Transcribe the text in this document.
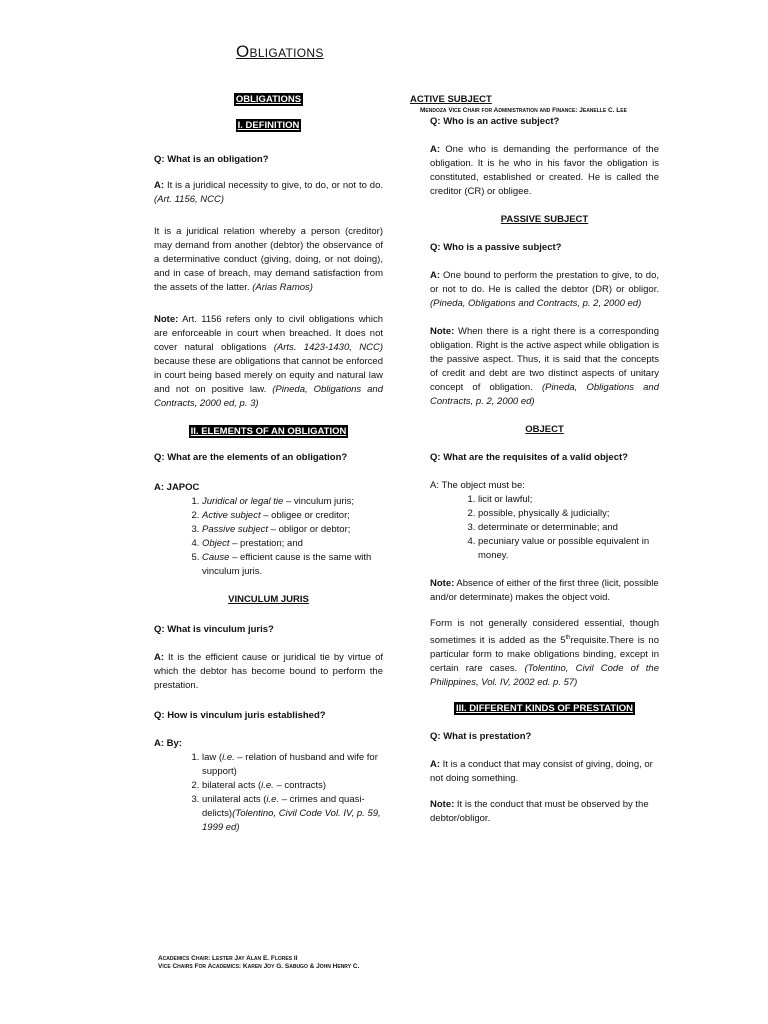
Obligations
OBLIGATIONS
I. DEFINITION

Q: What is an obligation?

A: It is a juridical necessity to give, to do, or not to do. (Art. 1156, NCC)

It is a juridical relation whereby a person (creditor) may demand from another (debtor) the observance of a determinative conduct (giving, doing, or not doing), and in case of breach, may demand satisfaction from the assets of the latter. (Arias Ramos)

Note: Art. 1156 refers only to civil obligations which are enforceable in court when breached. It does not cover natural obligations (Arts. 1423-1430, NCC) because these are obligations that cannot be enforced in court being based merely on equity and natural law and not on positive law. (Pineda, Obligations and Contracts, 2000 ed, p. 3)

II. ELEMENTS OF AN OBLIGATION

Q: What are the elements of an obligation?

A: JAPOC
1. Juridical or legal tie – vinculum juris;
2. Active subject – obligee or creditor;
3. Passive subject – obligor or debtor;
4. Object – prestation; and
5. Cause – efficient cause is the same with vinculum juris.

VINCULUM JURIS

Q: What is vinculum juris?

A: It is the efficient cause or juridical tie by virtue of which the debtor has become bound to perform the prestation.

Q: How is vinculum juris established?

A: By:
1. law (i.e. – relation of husband and wife for support)
2. bilateral acts (i.e. – contracts)
3. unilateral acts (i.e. – crimes and quasi-delicts)(Tolentino, Civil Code Vol. IV, p. 59, 1999 ed)
ACTIVE SUBJECT
Mendoza Vice Chair for Administration and Finance: Jeanelle C. Lee

Q: Who is an active subject?

A: One who is demanding the performance of the obligation. It is he who in his favor the obligation is constituted, established or created. He is called the creditor (CR) or obligee.

PASSIVE SUBJECT

Q: Who is a passive subject?

A: One bound to perform the prestation to give, to do, or not to do. He is called the debtor (DR) or obligor. (Pineda, Obligations and Contracts, p. 2, 2000 ed)

Note: When there is a right there is a corresponding obligation. Right is the active aspect while obligation is the passive aspect. Thus, it is said that the concepts of credit and debt are two distinct aspects of unitary concept of obligation. (Pineda, Obligations and Contracts, p. 2, 2000 ed)

OBJECT

Q: What are the requisites of a valid object?

A: The object must be:
1. licit or lawful;
2. possible, physically & judicially;
3. determinate or determinable; and
4. pecuniary value or possible equivalent in money.

Note: Absence of either of the first three (licit, possible and/or determinate) makes the object void.

Form is not generally considered essential, though sometimes it is added as the 5threquisite.There is no particular form to make obligations binding, except in certain rare cases. (Tolentino, Civil Code of the Philippines, Vol. IV, 2002 ed. p. 57)

III. DIFFERENT KINDS OF PRESTATION

Q: What is prestation?

A: It is a conduct that may consist of giving, doing, or not doing something.

Note: It is the conduct that must be observed by the debtor/obligor.

Academics Chair: Lester Jay Alan E. Flores II
Vice Chairs For Academics: Karen Joy G. Sabugo & John Henry C.
